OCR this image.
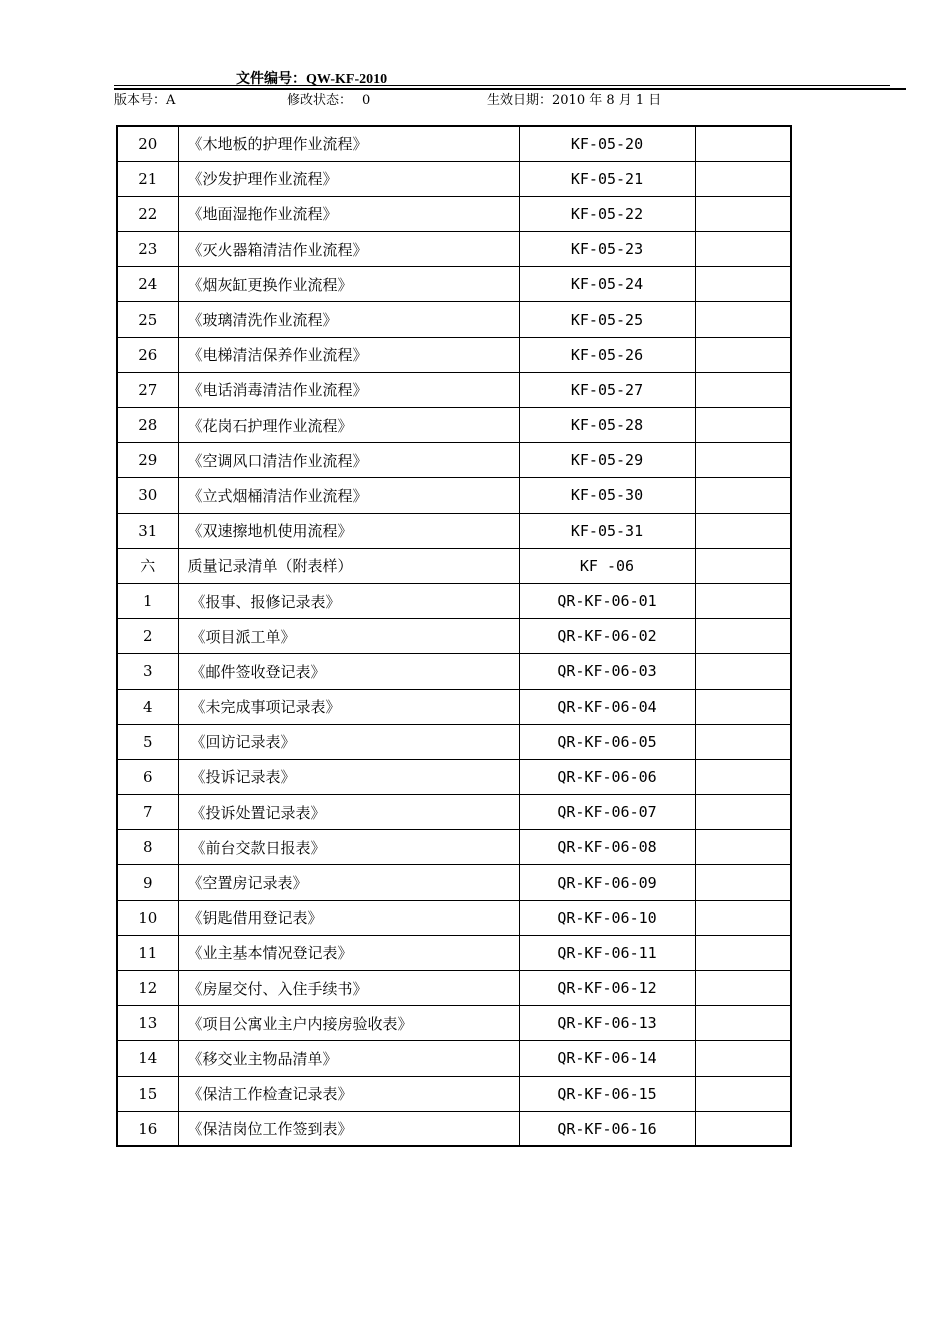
文件编号：QW-KF-2010
版本号：A	修改状态： 0	生效日期：2010 年 8 月 1 日
20	《木地板的护理作业流程》	KF-05-20	
21	《沙发护理作业流程》	KF-05-21	
22	《地面湿拖作业流程》	KF-05-22	
23	《灭火器箱清洁作业流程》	KF-05-23	
24	《烟灰缸更换作业流程》	KF-05-24	
25	《玻璃清洗作业流程》	KF-05-25	
26	《电梯清洁保养作业流程》	KF-05-26	
27	《电话消毒清洁作业流程》	KF-05-27	
28	《花岗石护理作业流程》	KF-05-28	
29	《空调风口清洁作业流程》	KF-05-29	
30	《立式烟桶清洁作业流程》	KF-05-30	
31	《双速擦地机使用流程》	KF-05-31	
六	质量记录清单（附表样）	KF -06	
1	《报事、报修记录表》	QR-KF-06-01	
2	《项目派工单》	QR-KF-06-02	
3	《邮件签收登记表》	QR-KF-06-03	
4	《未完成事项记录表》	QR-KF-06-04	
5	《回访记录表》	QR-KF-06-05	
6	《投诉记录表》	QR-KF-06-06	
7	《投诉处置记录表》	QR-KF-06-07	
8	《前台交款日报表》	QR-KF-06-08	
9	《空置房记录表》	QR-KF-06-09	
10	《钥匙借用登记表》	QR-KF-06-10	
11	《业主基本情况登记表》	QR-KF-06-11	
12	《房屋交付、入住手续书》	QR-KF-06-12	
13	《项目公寓业主户内接房验收表》	QR-KF-06-13	
14	《移交业主物品清单》	QR-KF-06-14	
15	《保洁工作检查记录表》	QR-KF-06-15	
16	《保洁岗位工作签到表》	QR-KF-06-16	
